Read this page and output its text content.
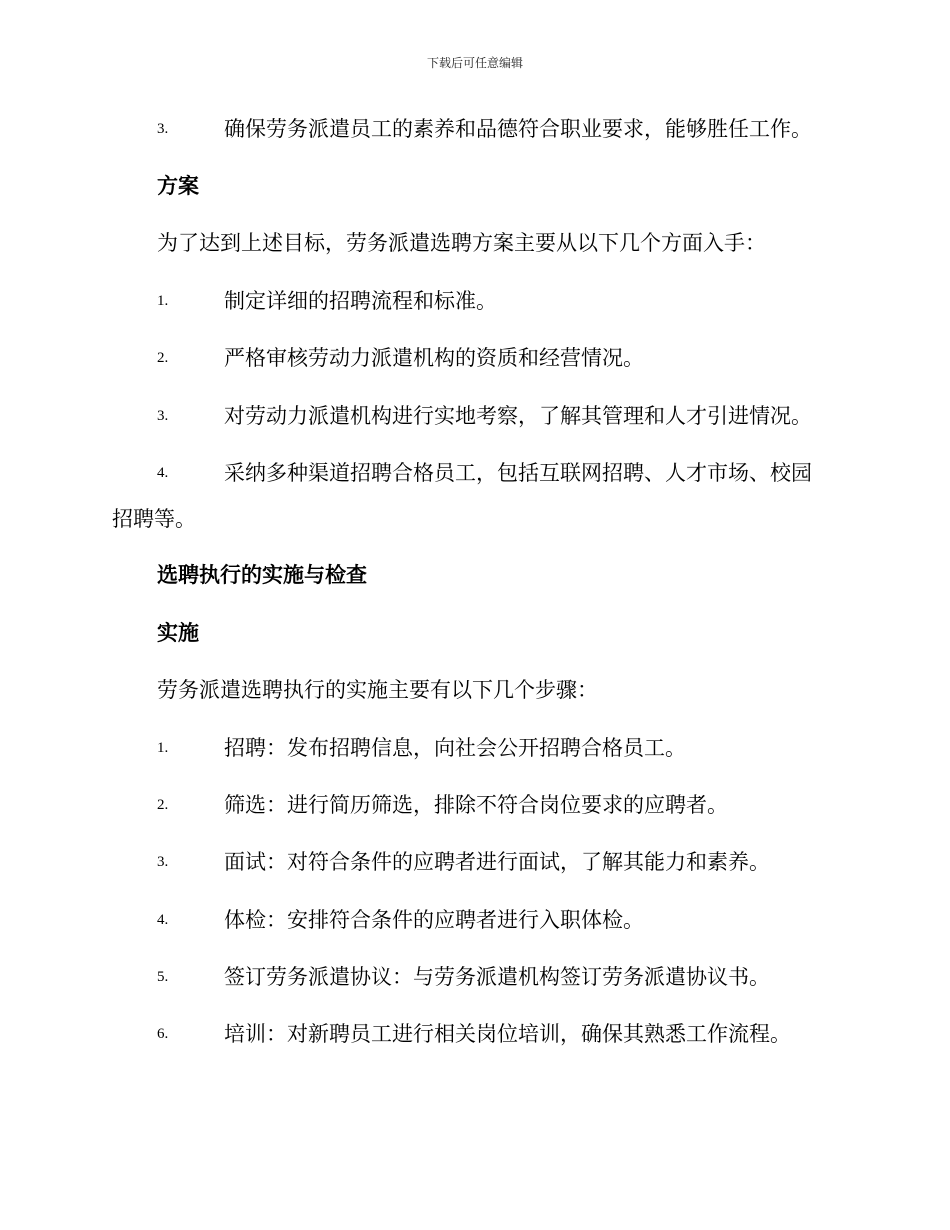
下载后可任意编辑
3.	确保劳务派遣员工的素养和品德符合职业要求，能够胜任工作。
方案
为了达到上述目标，劳务派遣选聘方案主要从以下几个方面入手：
1.	制定详细的招聘流程和标准。
2.	严格审核劳动力派遣机构的资质和经营情况。
3.	对劳动力派遣机构进行实地考察，了解其管理和人才引进情况。
4.	采纳多种渠道招聘合格员工，包括互联网招聘、人才市场、校园
招聘等。
选聘执行的实施与检查
实施
劳务派遣选聘执行的实施主要有以下几个步骤：
1.	招聘：发布招聘信息，向社会公开招聘合格员工。
2.	筛选：进行简历筛选，排除不符合岗位要求的应聘者。
3.	面试：对符合条件的应聘者进行面试，了解其能力和素养。
4.	体检：安排符合条件的应聘者进行入职体检。
5.	签订劳务派遣协议：与劳务派遣机构签订劳务派遣协议书。
6.	培训：对新聘员工进行相关岗位培训，确保其熟悉工作流程。
